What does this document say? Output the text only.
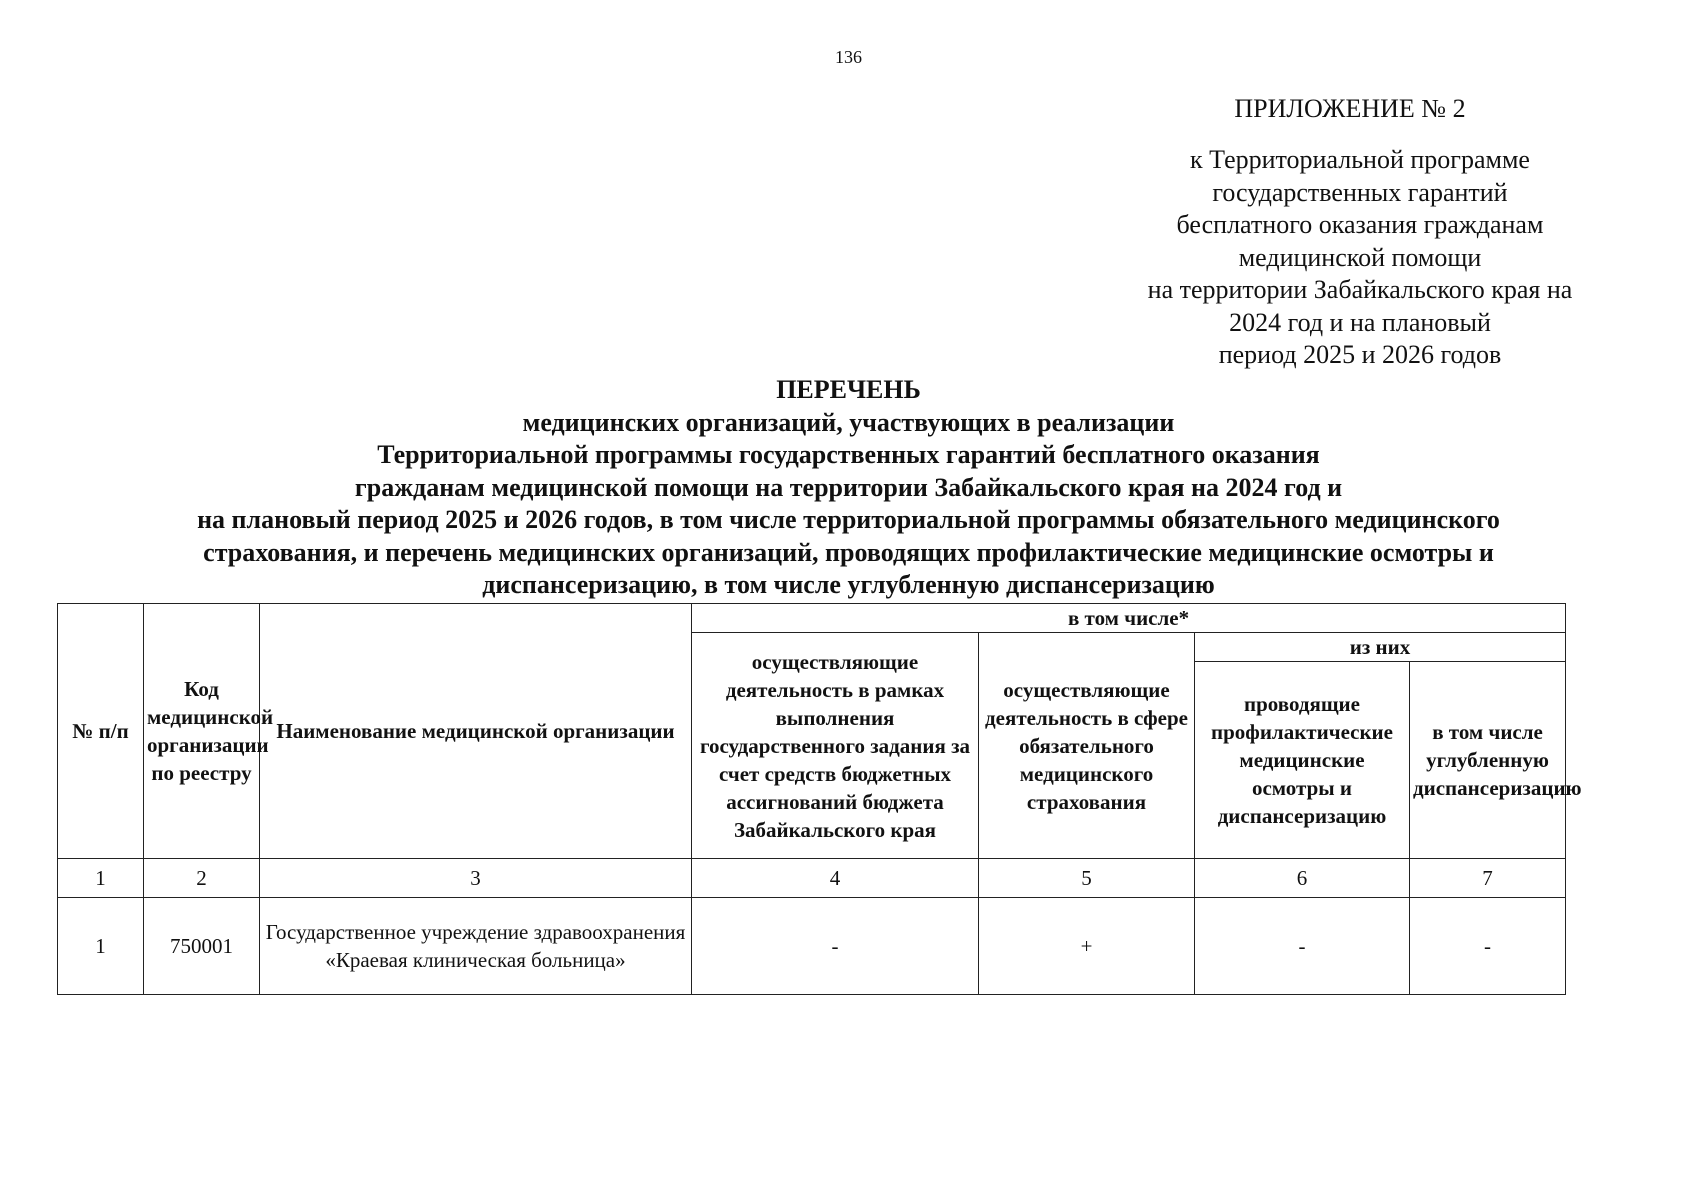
136
ПРИЛОЖЕНИЕ № 2
к Территориальной программе
государственных гарантий
бесплатного оказания гражданам
медицинской помощи
на территории Забайкальского края на
2024 год и на плановый
период 2025 и 2026 годов
ПЕРЕЧЕНЬ
медицинских организаций, участвующих в реализации
Территориальной программы государственных гарантий бесплатного оказания
гражданам медицинской помощи на территории Забайкальского края на 2024 год и
на плановый период 2025 и 2026 годов, в том числе территориальной программы обязательного медицинского
страхования, и перечень медицинских организаций, проводящих профилактические медицинские осмотры и
диспансеризацию, в том числе углубленную диспансеризацию
№ п/п	Код медицинской организации по реестру	Наименование медицинской организации	в том числе*			
			осуществляющие деятельность в рамках выполнения государственного задания за счет средств бюджетных ассигнований бюджета Забайкальского края	осуществляющие деятельность в сфере обязательного медицинского страхования	из них	
					проводящие профилактические медицинские осмотры и диспансеризацию	в том числе углубленную диспансеризацию
1	2	3	4	5	6	7
1	750001	Государственное учреждение здравоохранения «Краевая клиническая больница»	-	+	-	-
